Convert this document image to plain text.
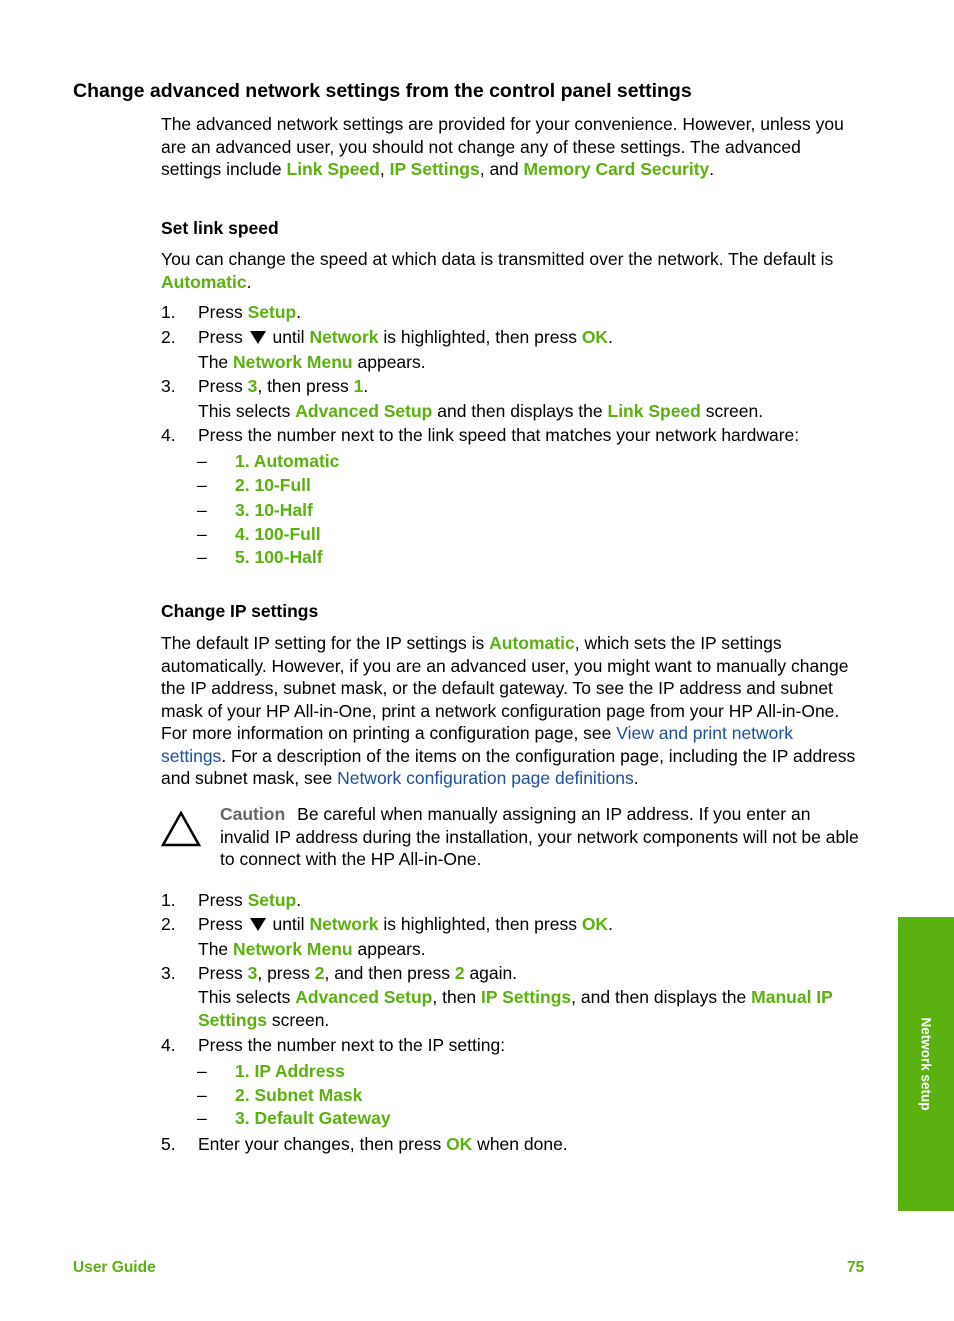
Change advanced network settings from the control panel settings

The advanced network settings are provided for your convenience. However, unless you are an advanced user, you should not change any of these settings. The advanced settings include Link Speed, IP Settings, and Memory Card Security.

Set link speed

You can change the speed at which data is transmitted over the network. The default is Automatic.

1. Press Setup.
2. Press  until Network is highlighted, then press OK.
The Network Menu appears.
3. Press 3, then press 1.
This selects Advanced Setup and then displays the Link Speed screen.
4. Press the number next to the link speed that matches your network hardware:
– 1. Automatic
– 2. 10-Full
– 3. 10-Half
– 4. 100-Full
– 5. 100-Half
Change IP settings

The default IP setting for the IP settings is Automatic, which sets the IP settings automatically. However, if you are an advanced user, you might want to manually change the IP address, subnet mask, or the default gateway. To see the IP address and subnet mask of your HP All-in-One, print a network configuration page from your HP All-in-One. For more information on printing a configuration page, see View and print network settings. For a description of the items on the configuration page, including the IP address and subnet mask, see Network configuration page definitions.

Caution Be careful when manually assigning an IP address. If you enter an invalid IP address during the installation, your network components will not be able to connect with the HP All-in-One.
1. Press Setup.
2. Press  until Network is highlighted, then press OK.
The Network Menu appears.
3. Press 3, press 2, and then press 2 again.
This selects Advanced Setup, then IP Settings, and then displays the Manual IP Settings screen.
4. Press the number next to the IP setting:
– 1. IP Address
– 2. Subnet Mask
– 3. Default Gateway
5. Enter your changes, then press OK when done.
Network setup
User Guide	75
